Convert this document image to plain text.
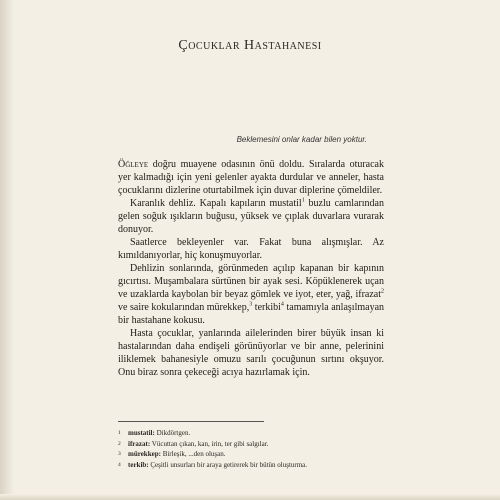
Çocuklar Hastahanesi

Beklemesini onlar kadar bilen yoktur.

Öğleye doğru muayene odasının önü doldu. Sıralarda oturacak yer kalmadığı için yeni gelenler ayakta durdular ve anneler, hasta çocuklarını dizlerine oturtabilmek için duvar diplerine çömeldiler.

Karanlık dehliz. Kapalı kapıların mustatil$^1$ buzlu camlarından gelen soğuk ışıkların buğusu, yüksek ve çıplak duvarlara vurarak donuyor.

Saatlerce bekleyenler var. Fakat buna alışmışlar. Az kımıldanıyorlar, hiç konuşmuyorlar.

Dehlizin sonlarında, görünmeden açılıp kapanan bir kapının gıcırtısı. Muşambalara sürtünen bir ayak sesi. Köpüklenerek uçan ve uzaklarda kaybolan bir beyaz gömlek ve iyot, eter, yağ, ifrazat$^2$ ve saire kokularından mürekkep,$^3$ terkibi$^4$ tamamıyla anlaşılmayan bir hastahane kokusu.

Hasta çocuklar, yanlarında ailelerinden birer büyük insan ki hastalarından daha endişeli görünüyorlar ve bir anne, pelerinini iliklemek bahanesiyle omuzu sarılı çocuğunun sırtını okşuyor. Onu biraz sonra çekeceği acıya hazırlamak için.

1	mustatil: Dikdörtgen.
2	ifrazat: Vücuttan çıkan, kan, irin, ter gibi salgılar.
3	mürekkep: Birleşik, ...den oluşan.
4	terkib: Çeşitli unsurları bir araya getirerek bir bütün oluşturma.
